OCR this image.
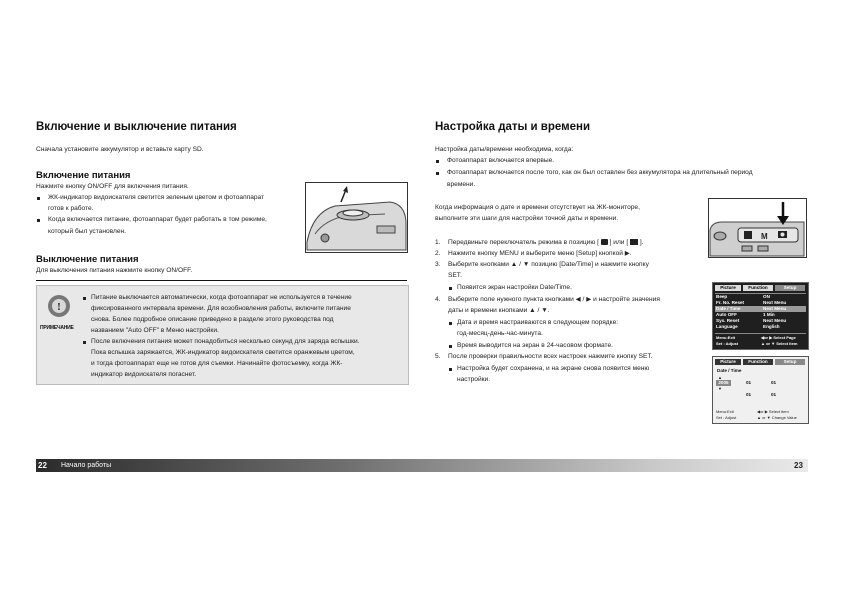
Включение и выключение питания
Сначала установите аккумулятор и вставьте карту SD.
Включение питания
Нажмите кнопку ON/OFF для включения питания.
ЖК-индикатор видоискателя светится зеленым цветом и фотоаппарат
готов к работе.
Когда включается питание, фотоаппарат будет работать в том режиме,
который был установлен.
Выключение питания
Для выключения питания нажмите кнопку ON/OFF.
!
ПРИМЕЧАНИЕ
Питание выключается автоматически, когда фотоаппарат не используется в течение
фиксированного интервала времени. Для возобновления работы, включите питание
снова. Более подробное описание приведено в разделе этого руководства под
названием "Auto OFF" в Меню настройки.
После включения питания может понадобиться несколько секунд для заряда вспышки.
Пока вспышка заряжается, ЖК-индикатор видоискателя светится оранжевым цветом,
и тогда фотоаппарат еще не готов для съемки. Начинайте фотосъемку, когда ЖК-
индикатор видоискателя погаснет.
Настройка даты и времени
Настройка даты/времени необходима, когда:
Фотоаппарат включается впервые.
Фотоаппарат включается после того, как он был оставлен без аккумулятора на длительный период
времени.
Когда информация о дате и времени отсутствует на ЖК-мониторе,
выполните эти шаги для настройки точной даты и времени.
1. Передвиньте переключатель режима в позицию [  ] или [  ].
2. Нажмите кнопку MENU и выберите меню [Setup] кнопкой ▶.
3. Выберите кнопками ▲ / ▼ позицию [Date/Time] и нажмите кнопку
SET.
Появится экран настройки Date/Time.
4. Выберите поле нужного пункта кнопками ◀ / ▶ и настройте значения
даты и времени кнопками ▲ / ▼.
Дата и время настраиваются в следующем порядке:
год-месяц-день-час-минута.
Время выводится на экран в 24-часовом формате.
5. После проверки правильности всех настроек нажмите кнопку SET.
Настройка будет сохранена, и на экране снова появится меню
настройки.
M
Picture	Function	Setup
Beep	ON
Fr. No. Reset	Next Menu
Date / Time	Next Menu
Auto OFF	1 Min
Sys. Reset	Next Menu
Language	English
Menu:Exit	◀or ▶ Select Page
Set : Adjust	▲ or ▼ Select item
Picture	Function	Setup
Date / Time
▲
2005
▼
01	01
01	01
Menu:Exit	◀or ▶ Select item
Set : Adjust	▲ or ▼ Change Value
22 Начало работы	23
